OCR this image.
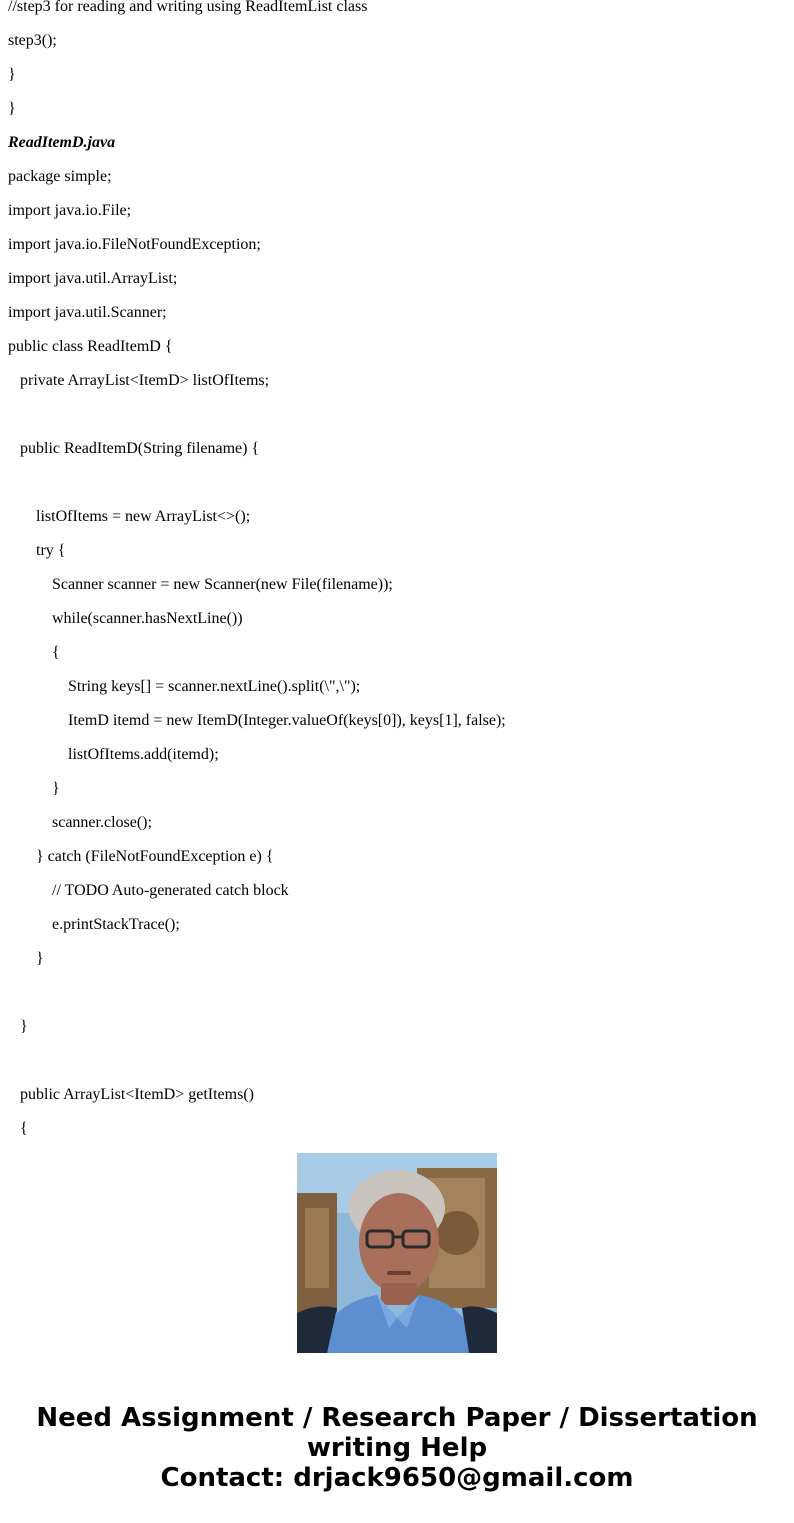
//step3 for reading and writing using ReadItemList class
step3();
}
}
ReadItemD.java
package simple;
import java.io.File;
import java.io.FileNotFoundException;
import java.util.ArrayList;
import java.util.Scanner;
public class ReadItemD {
private ArrayList<ItemD> listOfItems;
public ReadItemD(String filename) {
listOfItems = new ArrayList<>();
try {
Scanner scanner = new Scanner(new File(filename));
while(scanner.hasNextLine())
{
String keys[] = scanner.nextLine().split(\",\");
ItemD itemd = new ItemD(Integer.valueOf(keys[0]), keys[1], false);
listOfItems.add(itemd);
}
scanner.close();
} catch (FileNotFoundException e) {
// TODO Auto-generated catch block
e.printStackTrace();
}
}
public ArrayList<ItemD> getItems()
{
Need Assignment / Research Paper / Dissertation writing Help
Contact: drjack9650@gmail.com
